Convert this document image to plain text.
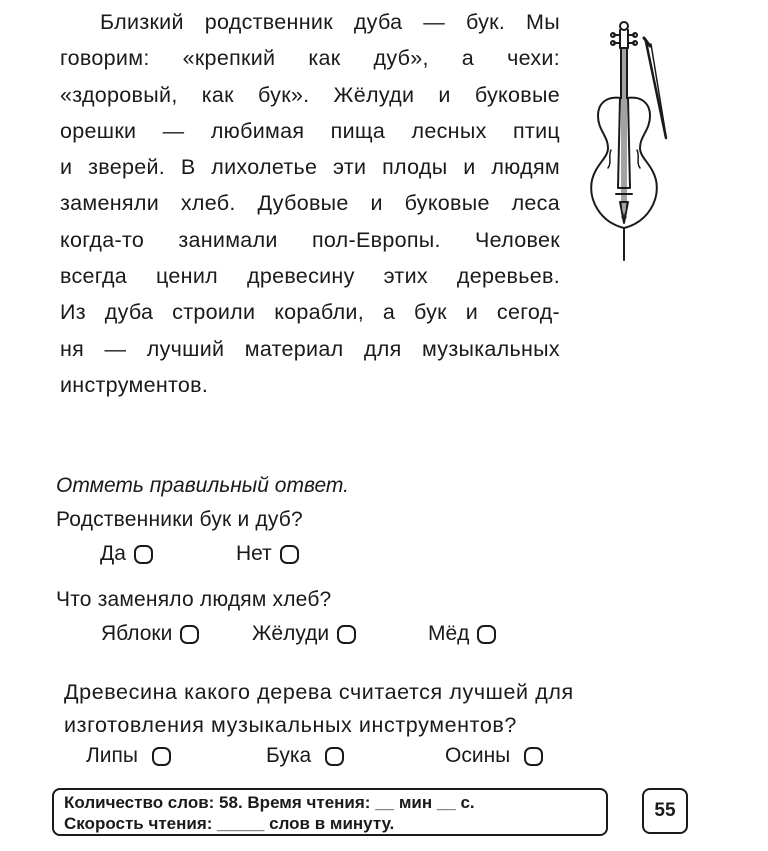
Близкий родственник дуба — бук. Мы
говорим: «крепкий как дуб», а чехи:
«здоровый, как бук». Жёлуди и буковые
орешки — любимая пища лесных птиц
и зверей. В лихолетье эти плоды и людям
заменяли хлеб. Дубовые и буковые леса
когда-то занимали пол-Европы. Человек
всегда ценил древесину этих деревьев.
Из дуба строили корабли, а бук и сегод-
ня — лучший материал для музыкальных
инструментов.
Отметь правильный ответ.
Родственники бук и дуб?
Да	Нет
Что заменяло людям хлеб?
Яблоки	Жёлуди	Мёд
Древесина какого дерева считается лучшей для
изготовления музыкальных инструментов?
Липы	Бука	Осины
Количество слов: 58. Время чтения: __ мин __ с.
Скорость чтения: _____ слов в минуту.
55
